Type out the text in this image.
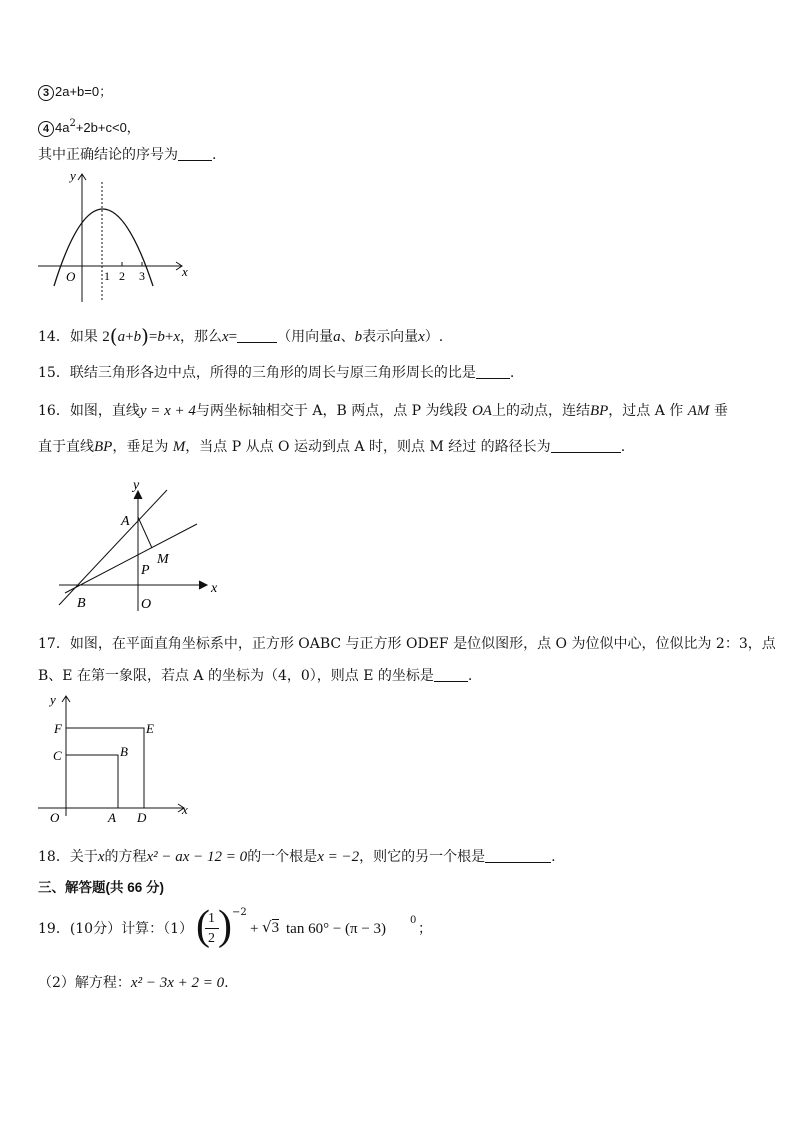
3 2a+b=0；
4 $4a^2+2b+c<0$，
其中正确结论的序号为 .
y
x
O 1 2 3
14．如果 2(a+b)=b+x，那么x=	（用向量a、b表示向量x）.
15．联结三角形各边中点，所得的三角形的周长与原三角形周长的比是 .
16．如图，直线y = x + 4与两坐标轴相交于 A，B 两点，点 P 为线段 OA上的动点，连结BP，过点 A 作 AM 垂
直于直线BP，垂足为 M，当点 P 从点 O 运动到点 A 时，则点 M 经过 的路径长为	.
y
x
A
M
P
B	O
17．如图，在平面直角坐标系中，正方形 OABC 与正方形 ODEF 是位似图形，点 O 为位似中心，位似比为 2：3，点
B、E 在第一象限，若点 A 的坐标为（4，0），则点 E 的坐标是 .
y
x
F	E
C	B
O	A D
18．关于x的方程x² − ax − 12 = 0的一个根是x = −2，则它的另一个根是	.
三、解答题(共 66 分)
19．(10分）计算：（1） (
1
2 ) −2
+ √3 tan 60° − (π − 3)
0
；
（2）解方程：x² − 3x + 2 = 0.
